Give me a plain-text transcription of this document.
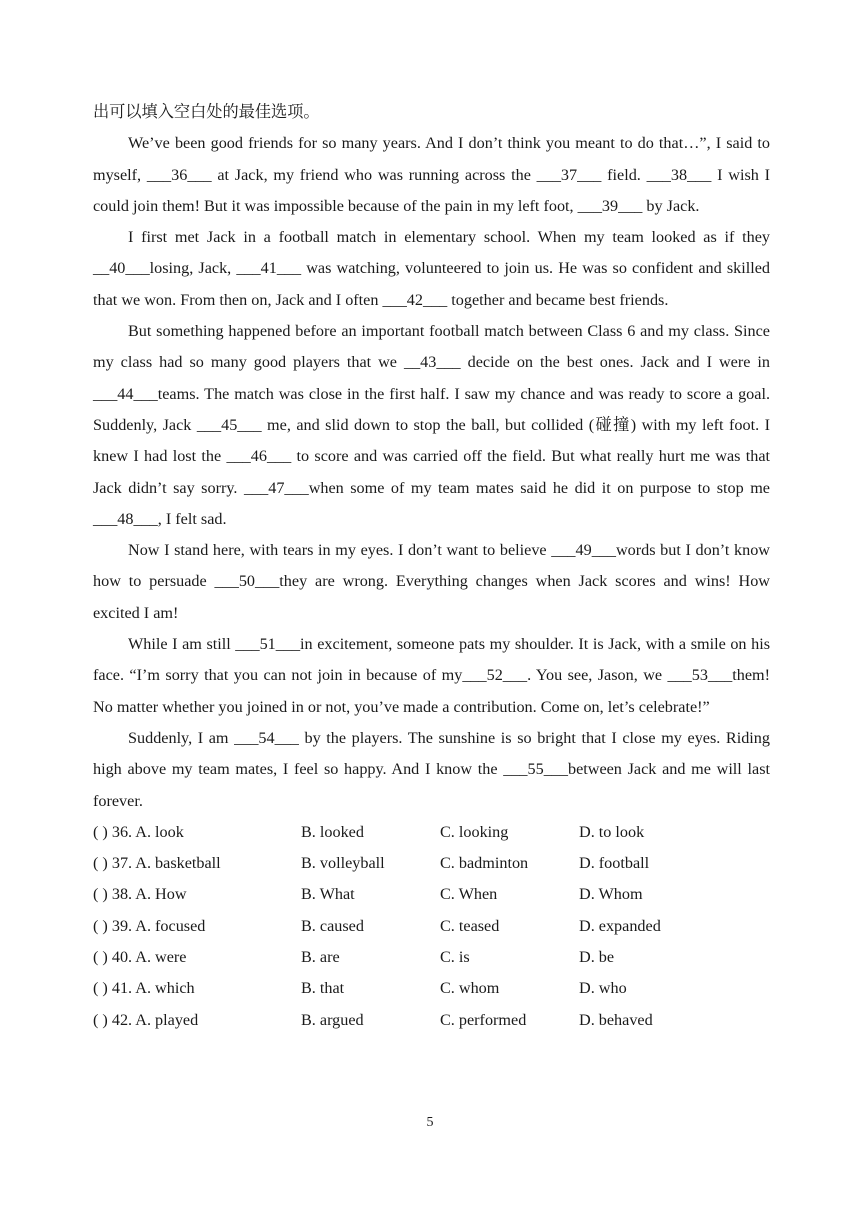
出可以填入空白处的最佳选项。

We’ve been good friends for so many years. And I don’t think you meant to do that…”, I said to myself, ___36___ at Jack, my friend who was running across the ___37___ field. ___38___ I wish I could join them! But it was impossible because of the pain in my left foot, ___39___ by Jack.

I first met Jack in a football match in elementary school. When my team looked as if they __40___losing, Jack, ___41___ was watching, volunteered to join us. He was so confident and skilled that we won. From then on, Jack and I often ___42___ together and became best friends.

But something happened before an important football match between Class 6 and my class. Since my class had so many good players that we __43___ decide on the best ones. Jack and I were in ___44___teams. The match was close in the first half. I saw my chance and was ready to score a goal. Suddenly, Jack ___45___ me, and slid down to stop the ball, but collided (碰撞) with my left foot. I knew I had lost the ___46___ to score and was carried off the field. But what really hurt me was that Jack didn’t say sorry. ___47___when some of my team mates said he did it on purpose to stop me ___48___, I felt sad.

Now I stand here, with tears in my eyes. I don’t want to believe ___49___words but I don’t know how to persuade ___50___they are wrong. Everything changes when Jack scores and wins! How excited I am!

While I am still ___51___in excitement, someone pats my shoulder. It is Jack, with a smile on his face. “I’m sorry that you can not join in because of my___52___. You see, Jason, we ___53___them! No matter whether you joined in or not, you’ve made a contribution. Come on, let’s celebrate!”

Suddenly, I am ___54___ by the players. The sunshine is so bright that I close my eyes. Riding high above my team mates, I feel so happy. And I know the ___55___between Jack and me will last forever.

( ) 36. A. look	B. looked	C. looking	D. to look
( ) 37. A. basketball	B. volleyball	C. badminton	D. football
( ) 38. A. How	B. What	C. When	D. Whom
( ) 39. A. focused	B. caused	C. teased	D. expanded
( ) 40. A. were	B. are	C. is	D. be
( ) 41. A. which	B. that	C. whom	D. who
( ) 42. A. played	B. argued	C. performed	D. behaved
5
